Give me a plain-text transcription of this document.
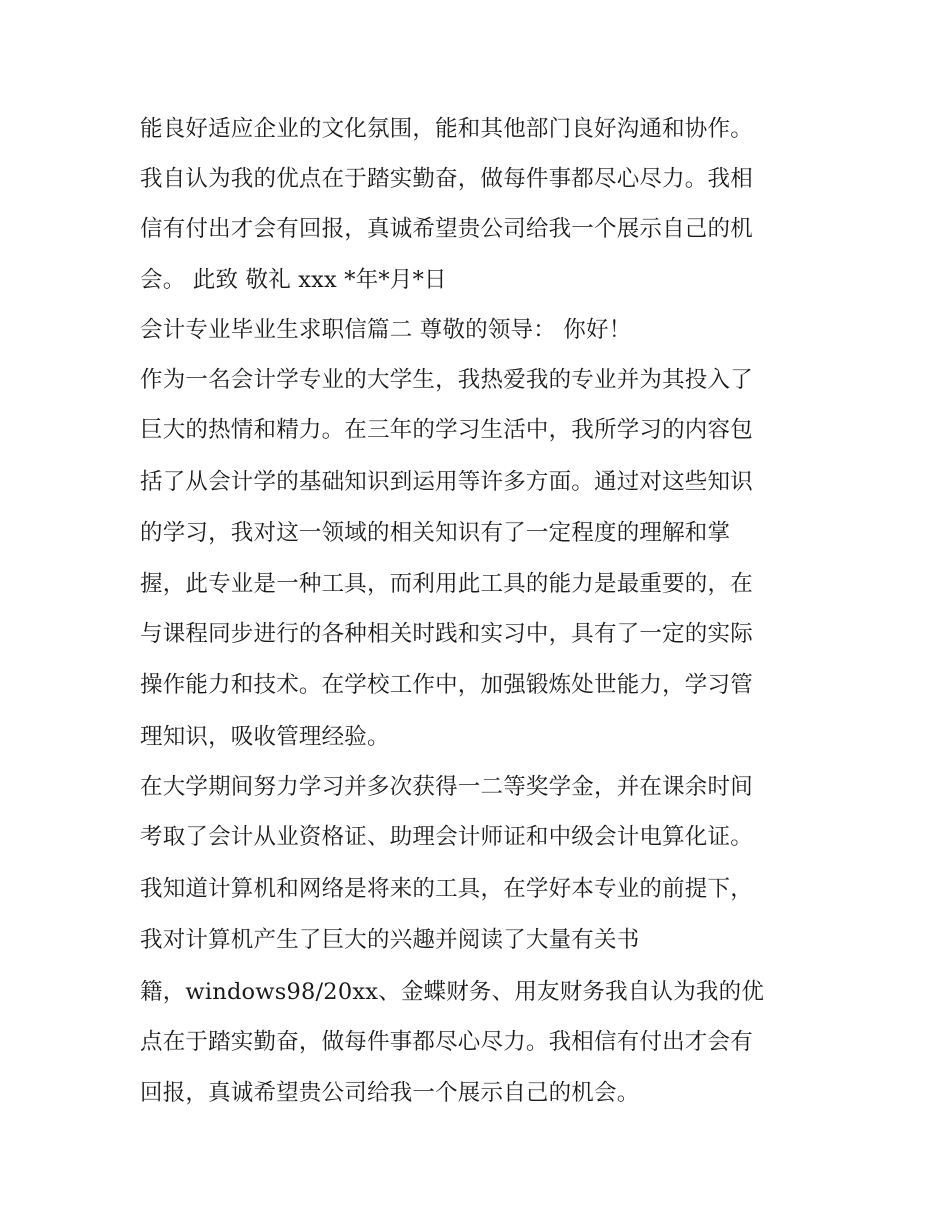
能良好适应企业的文化氛围，能和其他部门良好沟通和协作。
我自认为我的优点在于踏实勤奋，做每件事都尽心尽力。我相
信有付出才会有回报，真诚希望贵公司给我一个展示自己的机
会。 此致 敬礼 xxx *年*月*日
会计专业毕业生求职信篇二 尊敬的领导： 你好！
作为一名会计学专业的大学生，我热爱我的专业并为其投入了
巨大的热情和精力。在三年的学习生活中，我所学习的内容包
括了从会计学的基础知识到运用等许多方面。通过对这些知识
的学习，我对这一领域的相关知识有了一定程度的理解和掌
握，此专业是一种工具，而利用此工具的能力是最重要的，在
与课程同步进行的各种相关时践和实习中，具有了一定的实际
操作能力和技术。在学校工作中，加强锻炼处世能力，学习管
理知识，吸收管理经验。
在大学期间努力学习并多次获得一二等奖学金，并在课余时间
考取了会计从业资格证、助理会计师证和中级会计电算化证。
我知道计算机和网络是将来的工具，在学好本专业的前提下，
我对计算机产生了巨大的兴趣并阅读了大量有关书
籍，windows98/20xx、金蝶财务、用友财务我自认为我的优
点在于踏实勤奋，做每件事都尽心尽力。我相信有付出才会有
回报，真诚希望贵公司给我一个展示自己的机会。
